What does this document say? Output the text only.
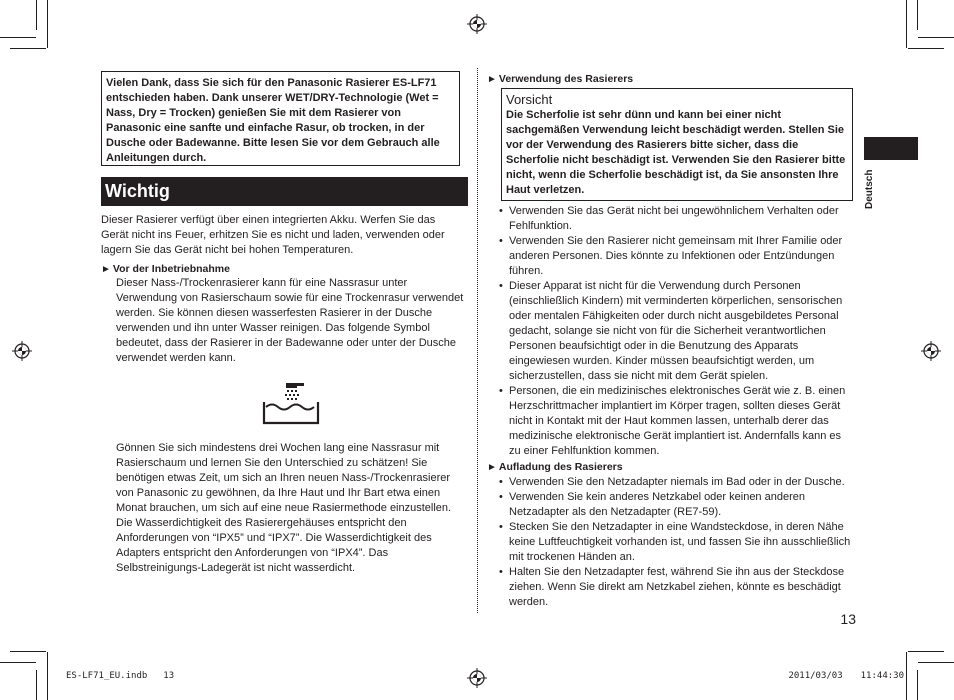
Vielen Dank, dass Sie sich für den Panasonic Rasierer ES-LF71 entschieden haben. Dank unserer WET/DRY-Technologie (Wet = Nass, Dry = Trocken) genießen Sie mit dem Rasierer von Panasonic eine sanfte und einfache Rasur, ob trocken, in der Dusche oder Badewanne. Bitte lesen Sie vor dem Gebrauch alle Anleitungen durch.
Wichtig
Dieser Rasierer verfügt über einen integrierten Akku. Werfen Sie das Gerät nicht ins Feuer, erhitzen Sie es nicht und laden, verwenden oder lagern Sie das Gerät nicht bei hohen Temperaturen.
► Vor der Inbetriebnahme
Dieser Nass-/Trockenrasierer kann für eine Nassrasur unter Verwendung von Rasierschaum sowie für eine Trockenrasur verwendet werden. Sie können diesen wasserfesten Rasierer in der Dusche verwenden und ihn unter Wasser reinigen. Das folgende Symbol bedeutet, dass der Rasierer in der Badewanne oder unter der Dusche verwendet werden kann.
Gönnen Sie sich mindestens drei Wochen lang eine Nassrasur mit Rasierschaum und lernen Sie den Unterschied zu schätzen! Sie benötigen etwas Zeit, um sich an Ihren neuen Nass-/Trockenrasierer von Panasonic zu gewöhnen, da Ihre Haut und Ihr Bart etwa einen Monat brauchen, um sich auf eine neue Rasiermethode einzustellen. Die Wasserdichtigkeit des Rasierergehäuses entspricht den Anforderungen von “IPX5” und “IPX7”. Die Wasserdichtigkeit des Adapters entspricht den Anforderungen von “IPX4”. Das Selbstreinigungs-Ladegerät ist nicht wasserdicht.
► Verwendung des Rasierers
Vorsicht
Die Scherfolie ist sehr dünn und kann bei einer nicht sachgemäßen Verwendung leicht beschädigt werden. Stellen Sie vor der Verwendung des Rasierers bitte sicher, dass die Scherfolie nicht beschädigt ist. Verwenden Sie den Rasierer bitte nicht, wenn die Scherfolie beschädigt ist, da Sie ansonsten Ihre Haut verletzen.
• Verwenden Sie das Gerät nicht bei ungewöhnlichem Verhalten oder Fehlfunktion.
• Verwenden Sie den Rasierer nicht gemeinsam mit Ihrer Familie oder anderen Personen. Dies könnte zu Infektionen oder Entzündungen führen.
• Dieser Apparat ist nicht für die Verwendung durch Personen (einschließlich Kindern) mit verminderten körperlichen, sensorischen oder mentalen Fähigkeiten oder durch nicht ausgebildetes Personal gedacht, solange sie nicht von für die Sicherheit verantwortlichen Personen beaufsichtigt oder in die Benutzung des Apparats eingewiesen wurden. Kinder müssen beaufsichtigt werden, um sicherzustellen, dass sie nicht mit dem Gerät spielen.
• Personen, die ein medizinisches elektronisches Gerät wie z. B. einen Herzschrittmacher implantiert im Körper tragen, sollten dieses Gerät nicht in Kontakt mit der Haut kommen lassen, unterhalb derer das medizinische elektronische Gerät implantiert ist. Andernfalls kann es zu einer Fehlfunktion kommen.
► Aufladung des Rasierers
• Verwenden Sie den Netzadapter niemals im Bad oder in der Dusche.
• Verwenden Sie kein anderes Netzkabel oder keinen anderen Netzadapter als den Netzadapter (RE7-59).
• Stecken Sie den Netzadapter in eine Wandsteckdose, in deren Nähe keine Luftfeuchtigkeit vorhanden ist, und fassen Sie ihn ausschließlich mit trockenen Händen an.
• Halten Sie den Netzadapter fest, während Sie ihn aus der Steckdose ziehen. Wenn Sie direkt am Netzkabel ziehen, könnte es beschädigt werden.
Deutsch
13
ES-LF71_EU.indb 13	2011/03/03 11:44:30
